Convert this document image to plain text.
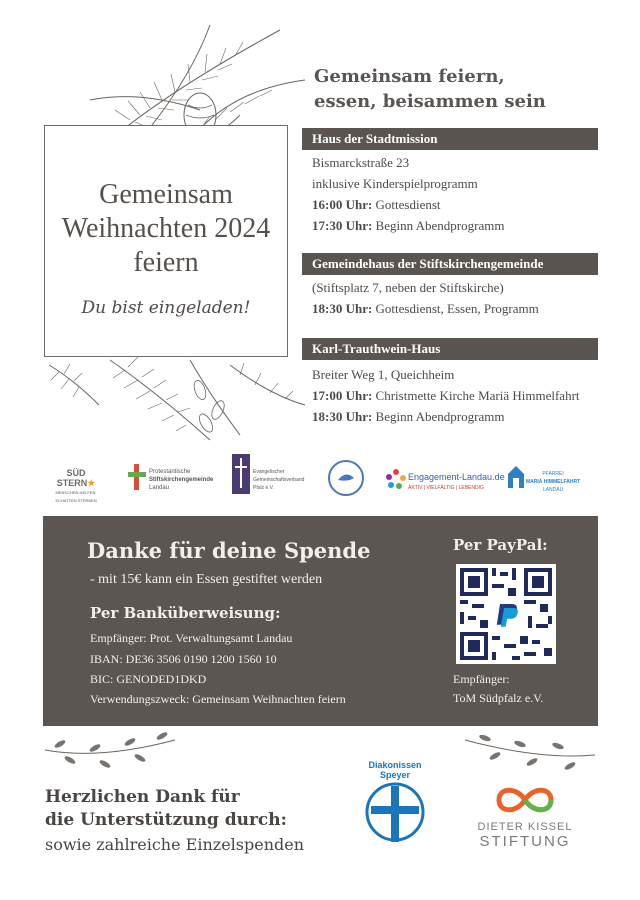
Gemeinsam
Weihnachten 2024
feiern
Du bist eingeladen!
Gemeinsam feiern,
essen, beisammen sein
Haus der Stadtmission
Bismarckstraße 23
inklusive Kinderspielprogramm
16:00 Uhr: Gottesdienst
17:30 Uhr: Beginn Abendprogramm
Gemeindehaus der Stiftskirchengemeinde
(Stiftsplatz 7, neben der Stiftskirche)
18:30 Uhr: Gottesdienst, Essen, Programm
Karl-Trauthwein-Haus
Breiter Weg 1, Queichheim
17:00 Uhr: Christmette Kirche Mariä Himmelfahrt
18:30 Uhr: Beginn Abendprogramm
SÜD STERN★
MENSCHEN HELFEN, SCHATTEN STERBEN
Protestantische
Stiftskirchengemeinde
Landau
Evangelischer
Gemeinschaftsverband
Pfalz e.V.
Engagement-Landau.de
AKTIV | VIELFÄLTIG | LEBENDIG
PFARREI
MARIÄ HIMMELFAHRT
LANDAU
Danke für deine Spende
- mit 15€ kann ein Essen gestiftet werden
Per Banküberweisung:
Empfänger: Prot. Verwaltungsamt Landau
IBAN: DE36 3506 0190 1200 1560 10
BIC: GENODED1DKD
Verwendungszweck: Gemeinsam Weihnachten feiern
Per PayPal:
Empfänger:
ToM Südpfalz e.V.
Herzlichen Dank für
die Unterstützung durch:
sowie zahlreiche Einzelspenden
Diakonissen Speyer
DIETER KISSEL
STIFTUNG
